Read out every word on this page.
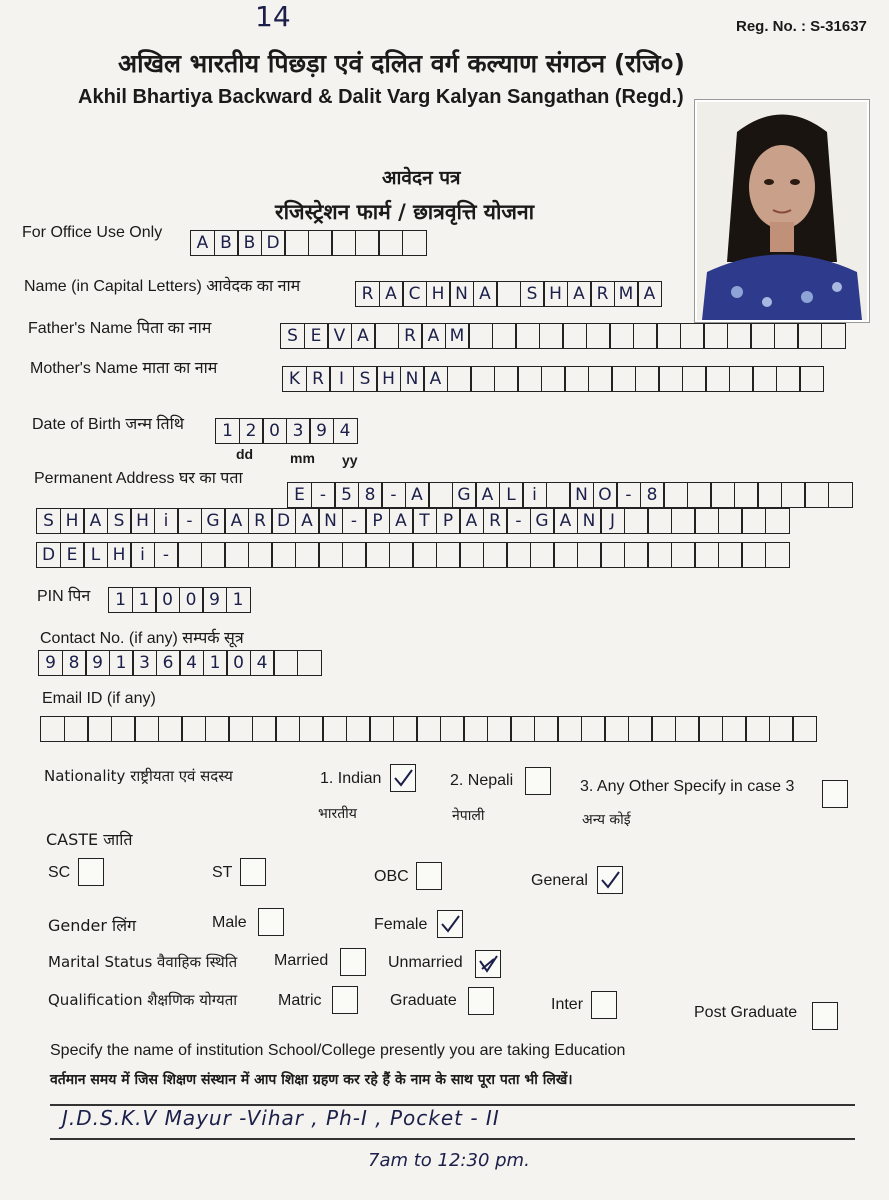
14	Reg. No. : S-31637
अखिल भारतीय पिछड़ा एवं दलित वर्ग कल्याण संगठन (रजि०)
Akhil Bhartiya Backward & Dalit Varg Kalyan Sangathan (Regd.)
आवेदन पत्र
रजिस्ट्रेशन फार्म / छात्रवृत्ति योजना
For Office Use Only
A B B D
Name (in Capital Letters) आवेदक का नाम	R A C H N A	S H A R M A
Father's Name पिता का नाम	S E V A	R A M
Mother's Name माता का नाम
K R I S H N A
Date of Birth जन्म तिथि	1 2 0 3 9 4
dd	mm yy
Permanent Address घर का पता
E - 5 8 - A	G A L i	N O - 8
S H A S H i	- G A R D A N - P A T P A R - G A N J
D E L H i	-
PIN पिन	1 1 0 0 9 1
Contact No. (if any) सम्पर्क सूत्र
9 8 9 1 3 6 4 1 0 4
Email ID (if any)
Nationality राष्ट्रीयता एवं सदस्य	1. Indian
भारतीय
2. Nepali
नेपाली
3. Any Other Specify in case 3
अन्य कोई
CASTE जाति
SC	ST	OBC	General
Gender लिंग	Male	Female
Marital Status वैवाहिक स्थिति Married	Unmarried
Qualification शैक्षणिक योग्यता	Matric	Graduate	Inter	Post Graduate
Specify the name of institution School/College presently you are taking Education
वर्तमान समय में जिस शिक्षण संस्थान में आप शिक्षा ग्रहण कर रहे हैं के नाम के साथ पूरा पता भी लिखें।
J.D.S.K.V Mayur -Vihar , Ph-I , Pocket - II
7am to 12:30 pm.
